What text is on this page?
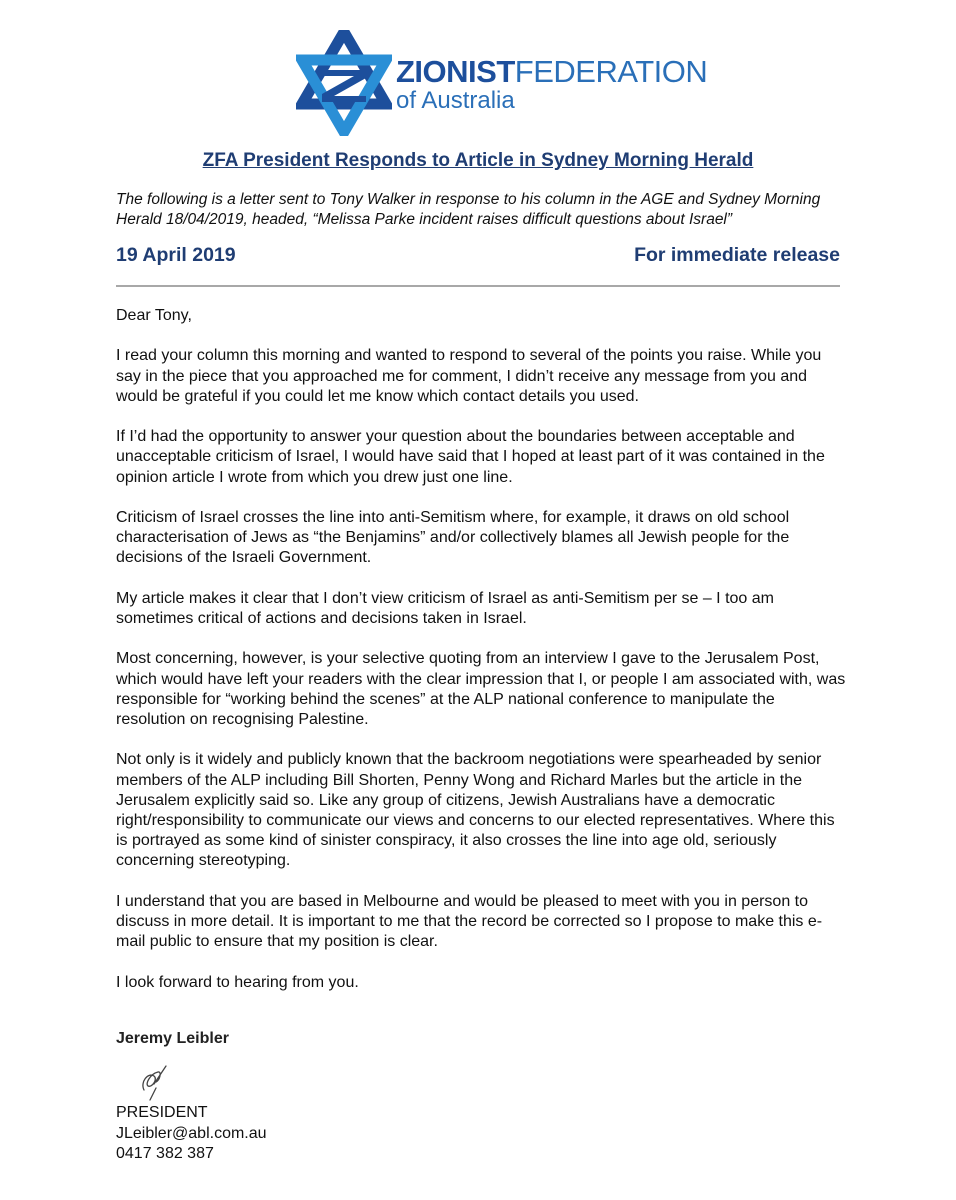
ZIONISTFEDERATION
of Australia
ZFA President Responds to Article in Sydney Morning Herald
The following is a letter sent to Tony Walker in response to his column in the AGE and Sydney Morning Herald 18/04/2019, headed, “Melissa Parke incident raises difficult questions about Israel”
19 April 2019	For immediate release

Dear Tony,

I read your column this morning and wanted to respond to several of the points you raise. While you say in the piece that you approached me for comment, I didn’t receive any message from you and would be grateful if you could let me know which contact details you used.

If I’d had the opportunity to answer your question about the boundaries between acceptable and unacceptable criticism of Israel, I would have said that I hoped at least part of it was contained in the opinion article I wrote from which you drew just one line.

Criticism of Israel crosses the line into anti-Semitism where, for example, it draws on old school characterisation of Jews as “the Benjamins” and/or collectively blames all Jewish people for the decisions of the Israeli Government.

My article makes it clear that I don’t view criticism of Israel as anti-Semitism per se – I too am sometimes critical of actions and decisions taken in Israel.

Most concerning, however, is your selective quoting from an interview I gave to the Jerusalem Post, which would have left your readers with the clear impression that I, or people I am associated with, was responsible for “working behind the scenes” at the ALP national conference to manipulate the resolution on recognising Palestine.

Not only is it widely and publicly known that the backroom negotiations were spearheaded by senior members of the ALP including Bill Shorten, Penny Wong and Richard Marles but the article in the Jerusalem explicitly said so. Like any group of citizens, Jewish Australians have a democratic right/responsibility to communicate our views and concerns to our elected representatives. Where this is portrayed as some kind of sinister conspiracy, it also crosses the line into age old, seriously concerning stereotyping.

I understand that you are based in Melbourne and would be pleased to meet with you in person to discuss in more detail. It is important to me that the record be corrected so I propose to make this e-mail public to ensure that my position is clear.

I look forward to hearing from you.

Jeremy Leibler
PRESIDENT
JLeibler@abl.com.au
0417 382 387
